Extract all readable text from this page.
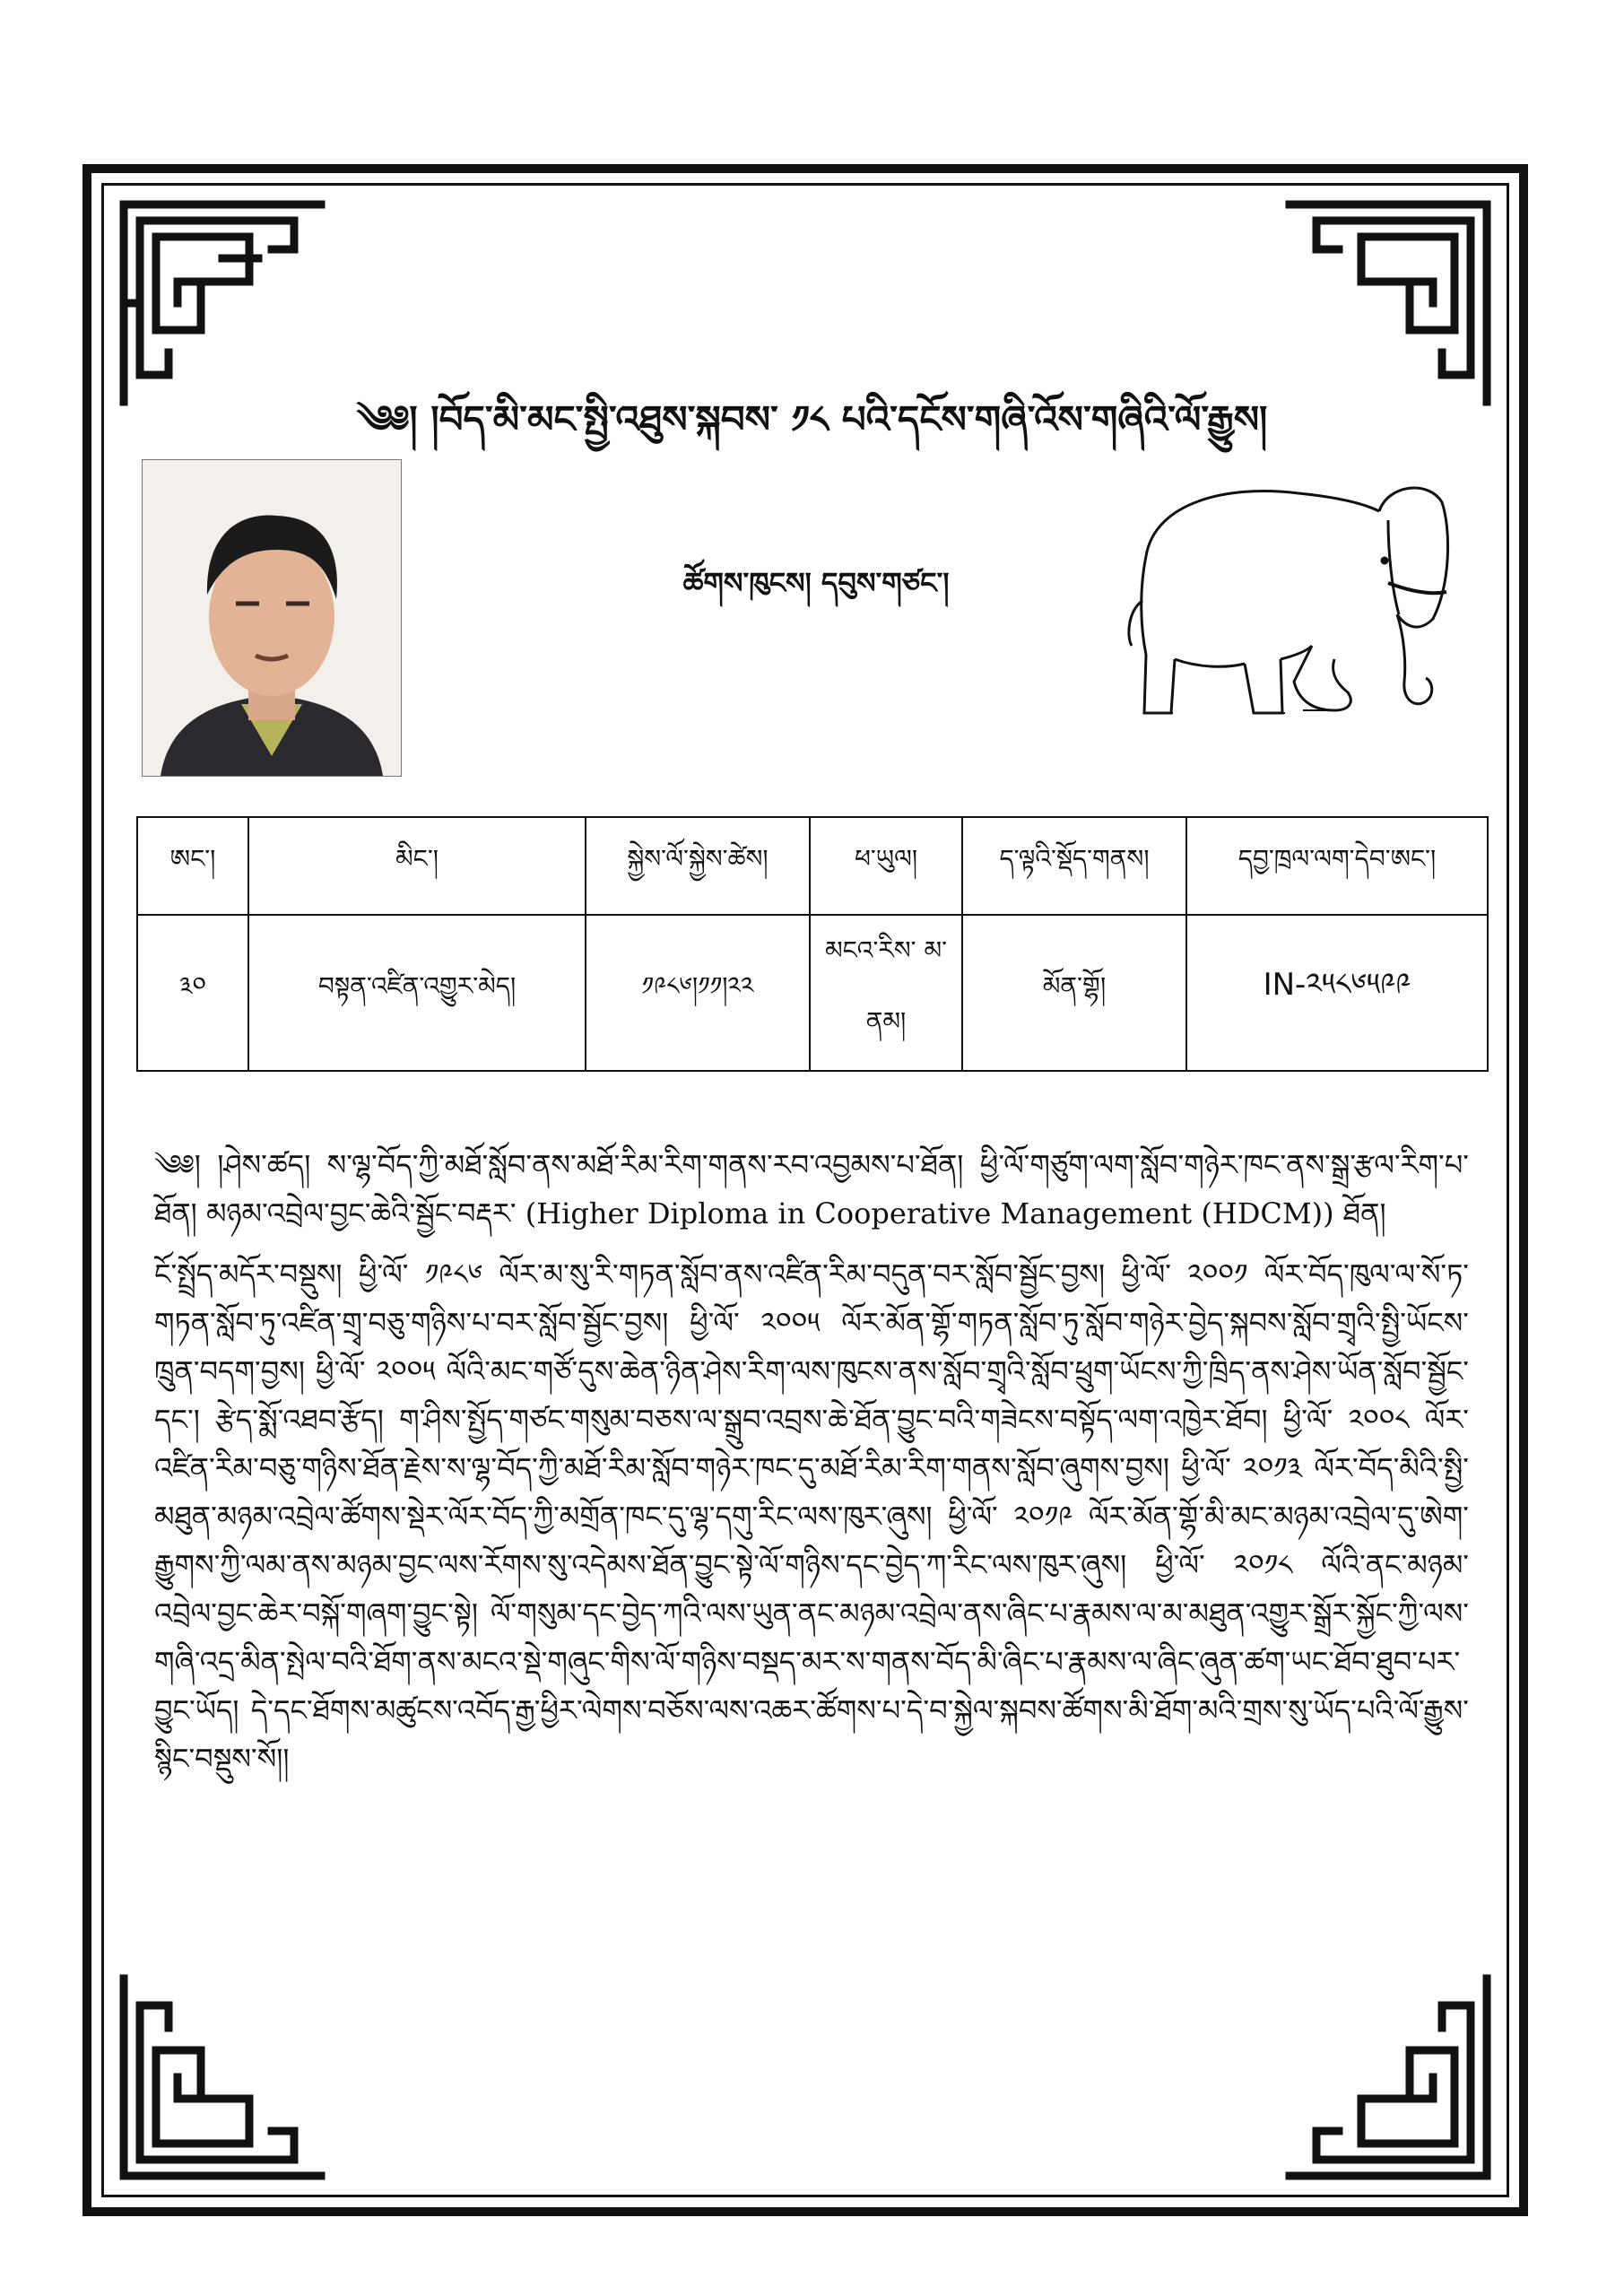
༄༅། །བོད་མི་མང་སྤྱི་འཐུས་སྐབས་ ༡༨ པའི་དངོས་གཞི་འོས་གཞིའི་ལོ་རྒྱུས།
ཚོགས་ཁུངས། དབུས་གཙང་།
ཨང་།	མིང་།	སྐྱེས་ལོ་སྐྱེས་ཚེས།	ཕ་ཡུལ།	ད་ལྟའི་སྡོད་གནས།	དབྱ་ཁྲལ་ལག་དེབ་ཨང་།
༣༠	བསྟན་འཛིན་འགྱུར་མེད།	༡༩༨༦།༡༡།༢༢	མངའ་རིས་ མ་ནམ།	མོན་གྷོ།	IN-༢༥༨༦༥༩༩

༄༅། །ཤེས་ཚད། ས་ལྷ་བོད་ཀྱི་མཐོ་སློབ་ནས་མཐོ་རིམ་རིག་གནས་རབ་འབྱམས་པ་ཐོན། ཕྱི་ལོ་གཙུག་ལག་སློབ་གཉེར་ཁང་ནས་སྒྲ་རྩལ་རིག་པ་ཐོན། མཉམ་འབྲེལ་བྱང་ཆེའི་སྦྱོང་བརྡར་ (Higher Diploma in Cooperative Management (HDCM)) ཐོན།

ངོ་སྤྲོད་མདོར་བསྡུས། ཕྱི་ལོ་ ༡༩༨༦ ལོར་མ་སུ་རི་གཏན་སློབ་ནས་འཛིན་རིམ་བདུན་བར་སློབ་སྦྱོང་བྱས། ཕྱི་ལོ་ ༢༠༠༡ ལོར་བོད་ཁུལ་ལ་སོ་ཏ་གཏན་སློབ་ཏུ་འཛིན་གྲྭ་བཅུ་གཉིས་པ་བར་སློབ་སྦྱོང་བྱས། ཕྱི་ལོ་ ༢༠༠༥ ལོར་མོན་གྷོ་གཏན་སློབ་ཏུ་སློབ་གཉེར་བྱེད་སྐབས་སློབ་གྲྭའི་སྤྱི་ཡོངས་ཁྲུན་བདག་བྱས། ཕྱི་ལོ་ ༢༠༠༥ ལོའི་མང་གཙོ་དུས་ཆེན་ཉིན་ཤེས་རིག་ལས་ཁུངས་ནས་སློབ་གྲྭའི་སློབ་ཕྲུག་ཡོངས་ཀྱི་ཁྲིད་ནས་ཤེས་ཡོན་སློབ་སྦྱོང་དང་། རྩེད་སྨོ་འཐབ་རྩོད། ག་ཤིས་སྤྱོད་གཙང་གསུམ་བཅས་ལ་སྒྲུབ་འབྲས་ཆེ་ཐོན་བྱུང་བའི་གཟེངས་བསྟོད་ལག་འཁྱེར་ཐོབ། ཕྱི་ལོ་ ༢༠༠༨ ལོར་འཛིན་རིམ་བཅུ་གཉིས་ཐོན་རྗེས་ས་ལྷ་བོད་ཀྱི་མཐོ་རིམ་སློབ་གཉེར་ཁང་དུ་མཐོ་རིམ་རིག་གནས་སློབ་ཞུགས་བྱས། ཕྱི་ལོ་ ༢༠༡༣ ལོར་བོད་མིའི་སྤྱི་མཐུན་མཉམ་འབྲེལ་ཚོགས་སྡེར་ལོར་བོད་ཀྱི་མགྲོན་ཁང་དུ་ལྷ་དགུ་རིང་ལས་ཁུར་ཞུས། ཕྱི་ལོ་ ༢༠༡༩ ལོར་མོན་གྷོ་མི་མང་མཉམ་འབྲེལ་དུ་ཨེག་རྒྱུགས་ཀྱི་ལམ་ནས་མཉམ་བྱང་ལས་རོགས་སུ་འདེམས་ཐོན་བྱུང་སྟེ་ལོ་གཉིས་དང་བྱེད་ཀ་རིང་ལས་ཁུར་ཞུས། ཕྱི་ལོ་ ༢༠༡༨ ལོའི་ནང་མཉམ་འབྲེལ་བྱང་ཆེར་བསྐོ་གཞག་བྱུང་སྟེ། ལོ་གསུམ་དང་བྱེད་ཀའི་ལས་ཡུན་ནང་མཉམ་འབྲེལ་ནས་ཞིང་པ་རྣམས་ལ་མ་མཐུན་འགྱུར་སྒྲོར་སྐྱོང་ཀྱི་ལས་གཞི་འདྲ་མིན་སྤེལ་བའི་ཐོག་ནས་མངའ་སྡེ་གཞུང་གིས་ལོ་གཉིས་བསྡད་མར་ས་གནས་བོད་མི་ཞིང་པ་རྣམས་ལ་ཞིང་ཞུན་ཚག་ཡང་ཐོབ་ཐུབ་པར་བྱུང་ཡོད། དེ་དང་ཐོགས་མཚུངས་འབོད་རྒྱ་ཕྱིར་ལེགས་བཅོས་ལས་འཆར་ཚོགས་པ་དེ་བ་སྐྱེལ་སྐབས་ཚོགས་མི་ཐོག་མའི་གྲས་སུ་ཡོད་པའི་ལོ་རྒྱུས་སྙིང་བསྡུས་སོ།།
